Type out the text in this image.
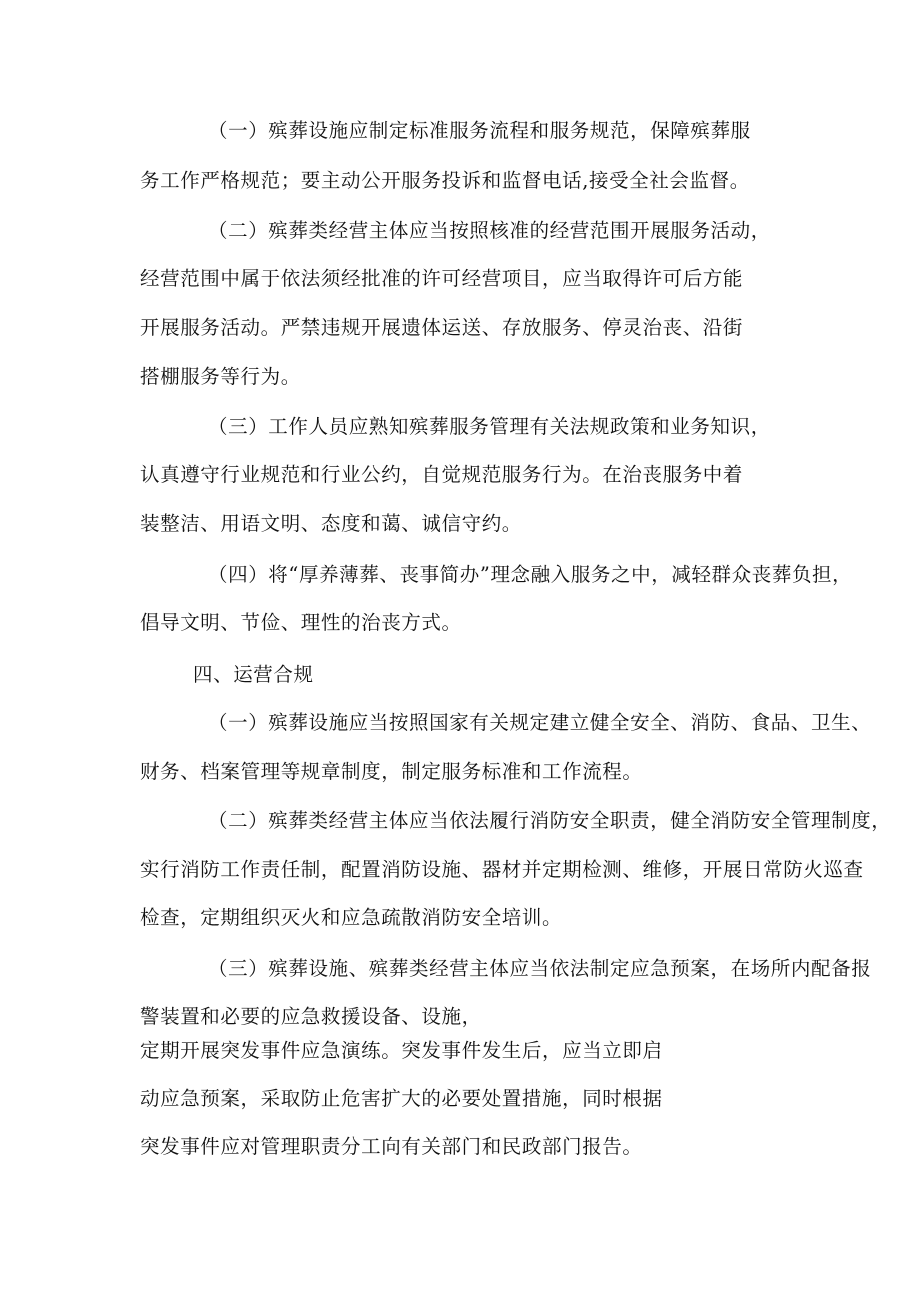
（一）殡葬设施应制定标准服务流程和服务规范，保障殡葬服
务工作严格规范；要主动公开服务投诉和监督电话,接受全社会监督。
（二）殡葬类经营主体应当按照核准的经营范围开展服务活动，
经营范围中属于依法须经批准的许可经营项目，应当取得许可后方能
开展服务活动。严禁违规开展遗体运送、存放服务、停灵治丧、沿街
搭棚服务等行为。
（三）工作人员应熟知殡葬服务管理有关法规政策和业务知识，
认真遵守行业规范和行业公约，自觉规范服务行为。在治丧服务中着
装整洁、用语文明、态度和蔼、诚信守约。
（四）将“厚养薄葬、丧事简办”理念融入服务之中，减轻群众丧葬负担，
倡导文明、节俭、理性的治丧方式。
四、运营合规
（一）殡葬设施应当按照国家有关规定建立健全安全、消防、食品、卫生、
财务、档案管理等规章制度，制定服务标准和工作流程。
（二）殡葬类经营主体应当依法履行消防安全职责，健全消防安全管理制度，
实行消防工作责任制，配置消防设施、器材并定期检测、维修，开展日常防火巡查
检查，定期组织灭火和应急疏散消防安全培训。
（三）殡葬设施、殡葬类经营主体应当依法制定应急预案，在场所内配备报
警装置和必要的应急救援设备、设施，
定期开展突发事件应急演练。突发事件发生后，应当立即启
动应急预案，采取防止危害扩大的必要处置措施，同时根据
突发事件应对管理职责分工向有关部门和民政部门报告。
